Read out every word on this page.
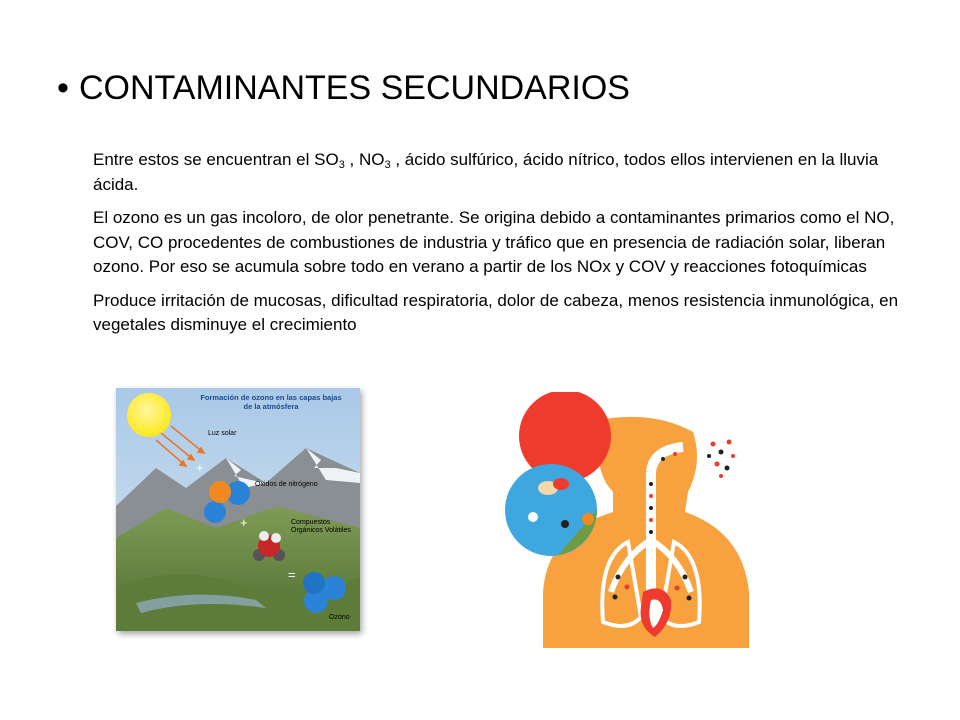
• CONTAMINANTES SECUNDARIOS

Entre estos se encuentran el $SO_3$ , $NO_3$ , ácido sulfúrico, ácido nítrico, todos ellos intervienen en la lluvia ácida.

El ozono es un gas incoloro, de olor penetrante. Se origina debido a contaminantes primarios como el NO, COV, CO procedentes de combustiones de industria y tráfico que en presencia de radiación solar, liberan ozono. Por eso se acumula sobre todo en verano a partir de los NOx y COV y reacciones fotoquímicas

Produce irritación de mucosas, dificultad respiratoria, dolor de cabeza, menos resistencia inmunológica, en vegetales disminuye el crecimiento

Formación de ozono en las capas bajas de la atmósfera
Luz solar
Óxidos de nitrógeno
Compuestos Orgánicos Volátiles
Ozono
+
+
=
